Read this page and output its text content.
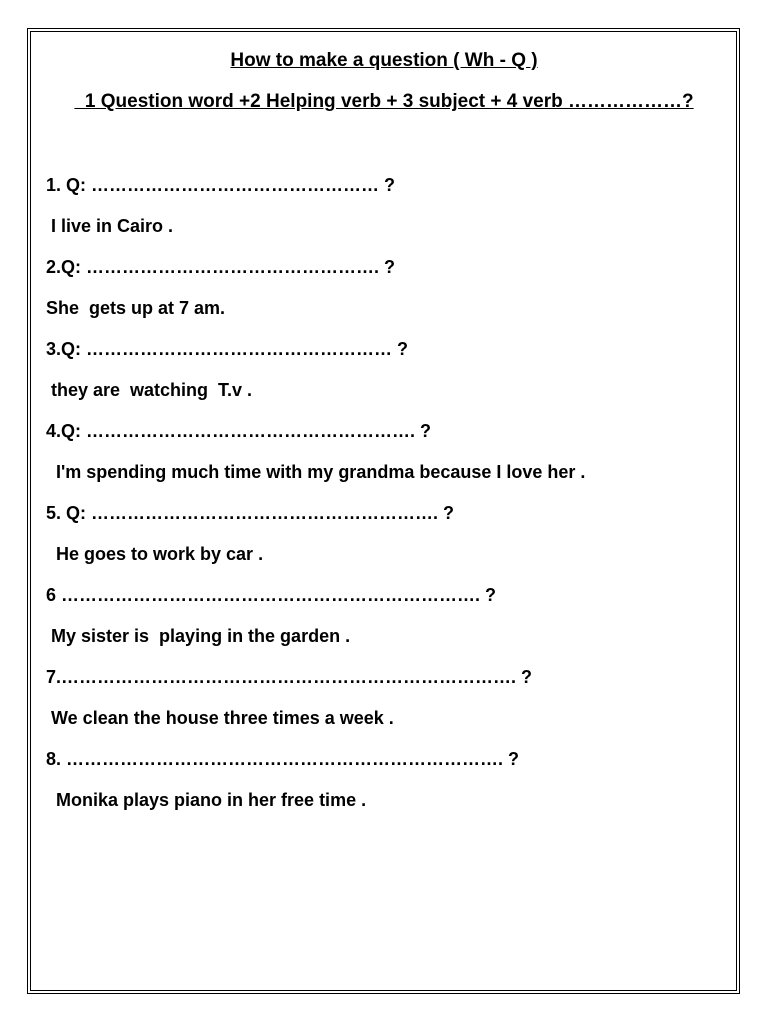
How to make a question ( Wh - Q )
1 Question word +2 Helping verb + 3 subject + 4 verb ………………?
1. Q: ………………………………………… ?
I live in Cairo .
2.Q: …………………………………………. ?
She  gets up at 7 am.
3.Q: …………………………………………… ?
they are  watching  T.v .
4.Q: ………………………………………………. ?
I'm spending much time with my grandma because I love her .
5. Q: …………………………………………………. ?
He goes to work by car .
6 ……………………………………………………………. ?
My sister is  playing in the garden .
7.…………………………………………………………………. ?
We clean the house three times a week .
8. ………………………………………………………………. ?
Monika plays piano in her free time .
